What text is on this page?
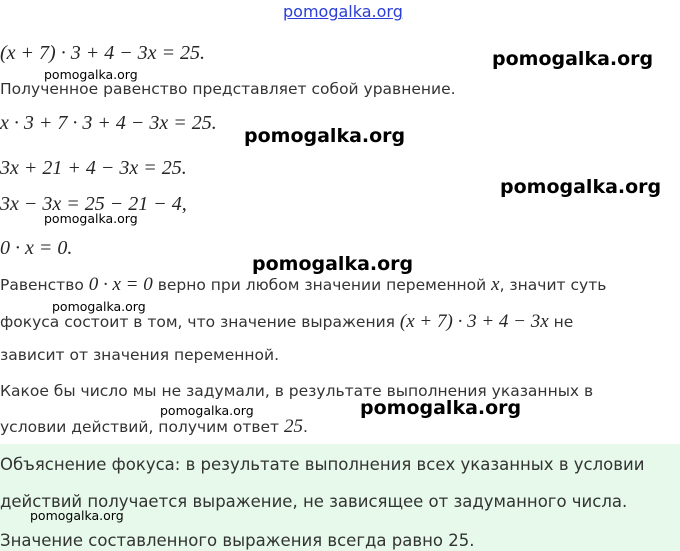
pomogalka.org
(x + 7) · 3 + 4 − 3x = 25.
Полученное равенство представляет собой уравнение.
x · 3 + 7 · 3 + 4 − 3x = 25.
3x + 21 + 4 − 3x = 25.
3x − 3x = 25 − 21 − 4,
0 · x = 0.
Равенство 0 · x = 0 верно при любом значении переменной x, значит суть
фокуса состоит в том, что значение выражения (x + 7) · 3 + 4 − 3x не
зависит от значения переменной.
Какое бы число мы не задумали, в результате выполнения указанных в
условии действий, получим ответ 25.
Объяснение фокуса: в результате выполнения всех указанных в условии
действий получается выражение, не зависящее от задуманного числа.
Значение составленного выражения всегда равно 25.
pomogalka.org
pomogalka.org
pomogalka.org
pomogalka.org
pomogalka.org
pomogalka.org
pomogalka.org
pomogalka.org	pomogalka.org
pomogalka.org
